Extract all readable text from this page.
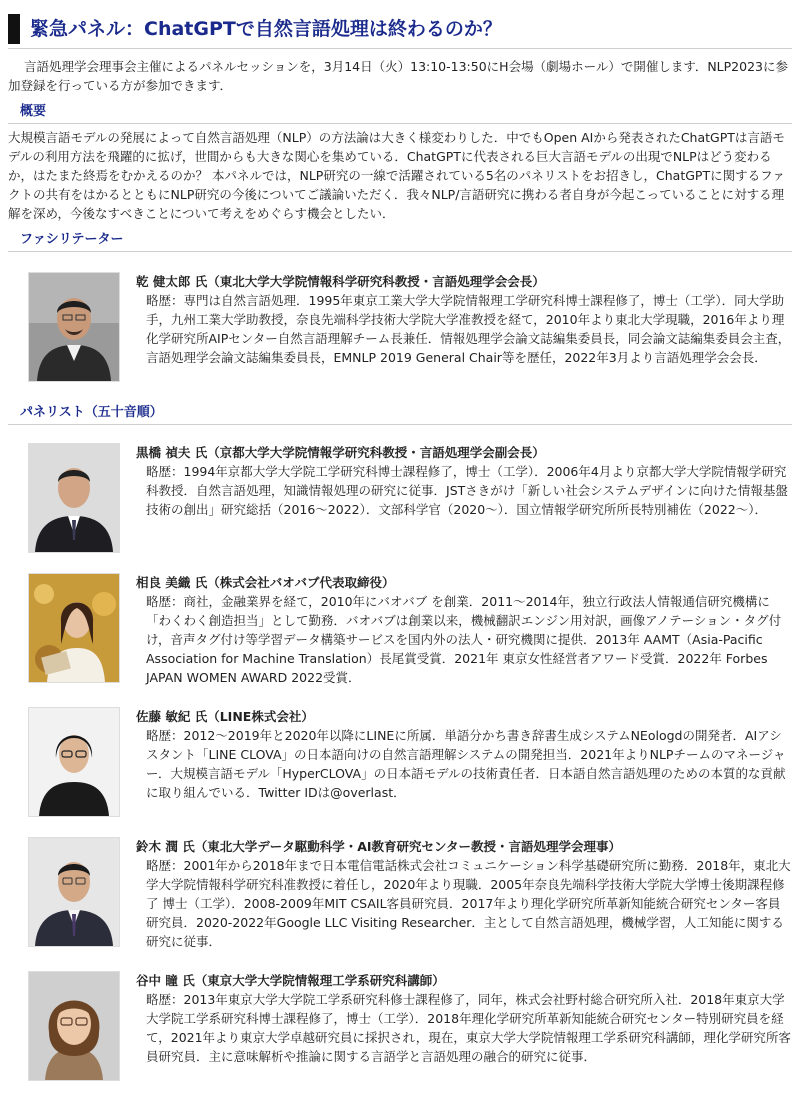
緊急パネル：ChatGPTで自然言語処理は終わるのか？

言語処理学会理事会主催によるパネルセッションを，3月14日（火）13:10-13:50にH会場（劇場ホール）で開催します．NLP2023に参加登録を行っている方が参加できます．

概要

大規模言語モデルの発展によって自然言語処理（NLP）の方法論は大きく様変わりした．中でもOpen AIから発表されたChatGPTは言語モデルの利用方法を飛躍的に拡げ，世間からも大きな関心を集めている．ChatGPTに代表される巨大言語モデルの出現でNLPはどう変わるか，はたまた終焉をむかえるのか？ 本パネルでは，NLP研究の一線で活躍されている5名のパネリストをお招きし，ChatGPTに関するファクトの共有をはかるとともにNLP研究の今後についてご議論いただく．我々NLP/言語研究に携わる者自身が今起こっていることに対する理解を深め，今後なすべきことについて考えをめぐらす機会としたい．

ファシリテーター
乾 健太郎 氏（東北大学大学院情報科学研究科教授・言語処理学会会長）
略歴：専門は自然言語処理．1995年東京工業大学大学院情報理工学研究科博士課程修了，博士（工学）．同大学助手，九州工業大学助教授，奈良先端科学技術大学院大学准教授を経て，2010年より東北大学現職，2016年より理化学研究所AIPセンター自然言語理解チーム長兼任．情報処理学会論文誌編集委員長，同会論文誌編集委員会主査，言語処理学会論文誌編集委員長，EMNLP 2019 General Chair等を歴任，2022年3月より言語処理学会会長．
パネリスト（五十音順）
黒橋 禎夫 氏（京都大学大学院情報学研究科教授・言語処理学会副会長）
略歴：1994年京都大学大学院工学研究科博士課程修了，博士（工学）．2006年4月より京都大学大学院情報学研究科教授．自然言語処理，知識情報処理の研究に従事．JSTさきがけ「新しい社会システムデザインに向けた情報基盤技術の創出」研究総括（2016〜2022）．文部科学官（2020〜）．国立情報学研究所所長特別補佐（2022〜）．
相良 美織 氏（株式会社バオバブ代表取締役）
略歴：商社，金融業界を経て，2010年にバオバブ を創業．2011〜2014年，独立行政法人情報通信研究機構に「わくわく創造担当」として勤務．バオバブは創業以来，機械翻訳エンジン用対訳，画像アノテーション・タグ付け，音声タグ付け等学習データ構築サービスを国内外の法人・研究機関に提供．2013年 AAMT（Asia-Pacific Association for Machine Translation）長尾賞受賞．2021年 東京女性経営者アワード受賞．2022年 Forbes JAPAN WOMEN AWARD 2022受賞．
佐藤 敏紀 氏（LINE株式会社）
略歴：2012〜2019年と2020年以降にLINEに所属．単語分かち書き辞書生成システムNEologdの開発者．AIアシスタント「LINE CLOVA」の日本語向けの自然言語理解システムの開発担当．2021年よりNLPチームのマネージャー．大規模言語モデル「HyperCLOVA」の日本語モデルの技術責任者．日本語自然言語処理のための本質的な貢献に取り組んでいる．Twitter IDは@overlast．
鈴木 潤 氏（東北大学データ駆動科学・AI教育研究センター教授・言語処理学会理事）
略歴：2001年から2018年まで日本電信電話株式会社コミュニケーション科学基礎研究所に勤務．2018年，東北大学大学院情報科学研究科准教授に着任し，2020年より現職．2005年奈良先端科学技術大学院大学博士後期課程修了 博士（工学）．2008-2009年MIT CSAIL客員研究員．2017年より理化学研究所革新知能統合研究センター客員研究員．2020-2022年Google LLC Visiting Researcher．主として自然言語処理，機械学習，人工知能に関する研究に従事．
谷中 瞳 氏（東京大学大学院情報理工学系研究科講師）
略歴：2013年東京大学大学院工学系研究科修士課程修了，同年，株式会社野村総合研究所入社．2018年東京大学大学院工学系研究科博士課程修了，博士（工学）．2018年理化学研究所革新知能統合研究センター特別研究員を経て，2021年より東京大学卓越研究員に採択され，現在，東京大学大学院情報理工学系研究科講師，理化学研究所客員研究員．主に意味解析や推論に関する言語学と言語処理の融合的研究に従事．
